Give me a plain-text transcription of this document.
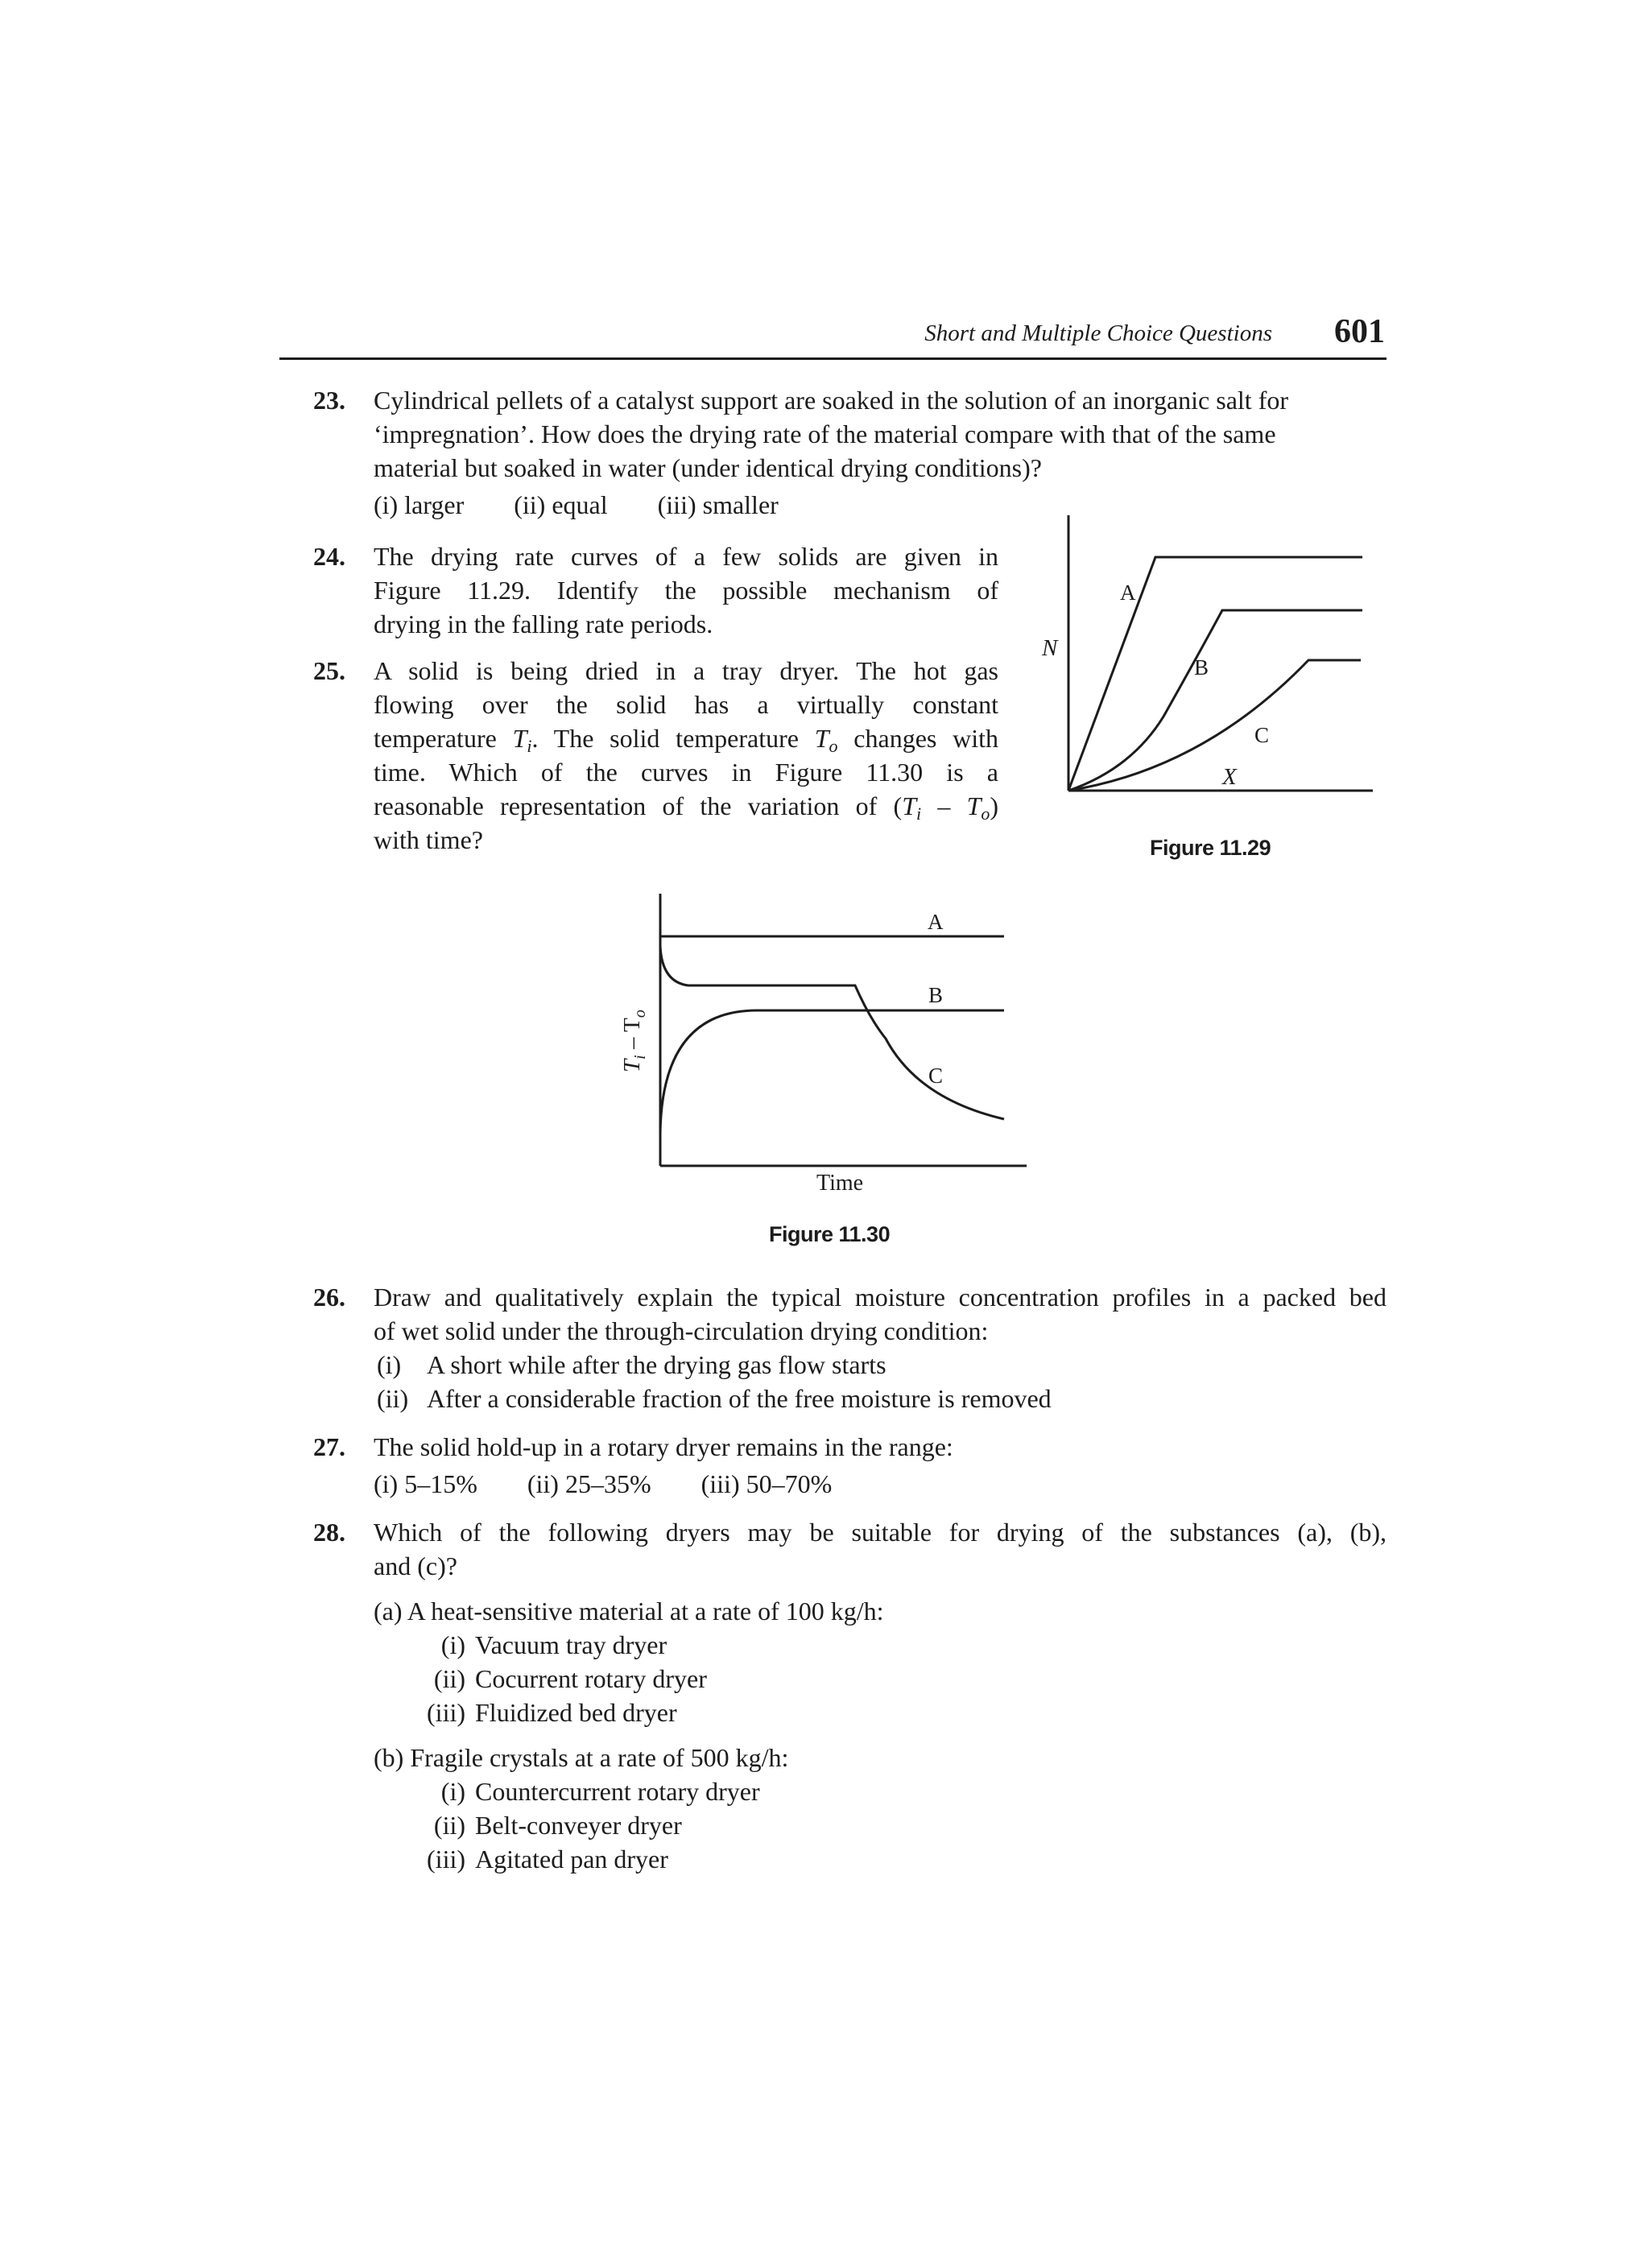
Short and Multiple Choice Questions	601
23. Cylindrical pellets of a catalyst support are soaked in the solution of an inorganic salt for
‘impregnation’. How does the drying rate of the material compare with that of the same
material but soaked in water (under identical drying conditions)?
(i) larger (ii) equal (iii) smaller
24. The drying rate curves of a few solids are given in
Figure 11.29. Identify the possible mechanism of
drying in the falling rate periods.
25. A solid is being dried in a tray dryer. The hot gas
flowing over the solid has a virtually constant
temperature $T_i$. The solid temperature $T_o$ changes with
time. Which of the curves in Figure 11.30 is a
reasonable representation of the variation of $(T_i - T_o)$
with time?
N
X
A
B
C
Figure 11.29
$T_i - T_o$
Time
A
B
C
Figure 11.30
26. Draw and qualitatively explain the typical moisture concentration profiles in a packed bed
of wet solid under the through-circulation drying condition:
(i) A short while after the drying gas flow starts
(ii) After a considerable fraction of the free moisture is removed
27. The solid hold-up in a rotary dryer remains in the range:
(i) 5–15% (ii) 25–35% (iii) 50–70%
28. Which of the following dryers may be suitable for drying of the substances (a), (b),
and (c)?
(a) A heat-sensitive material at a rate of 100 kg/h:
(i) Vacuum tray dryer
(ii) Cocurrent rotary dryer
(iii) Fluidized bed dryer
(b) Fragile crystals at a rate of 500 kg/h:
(i) Countercurrent rotary dryer
(ii) Belt-conveyer dryer
(iii) Agitated pan dryer
